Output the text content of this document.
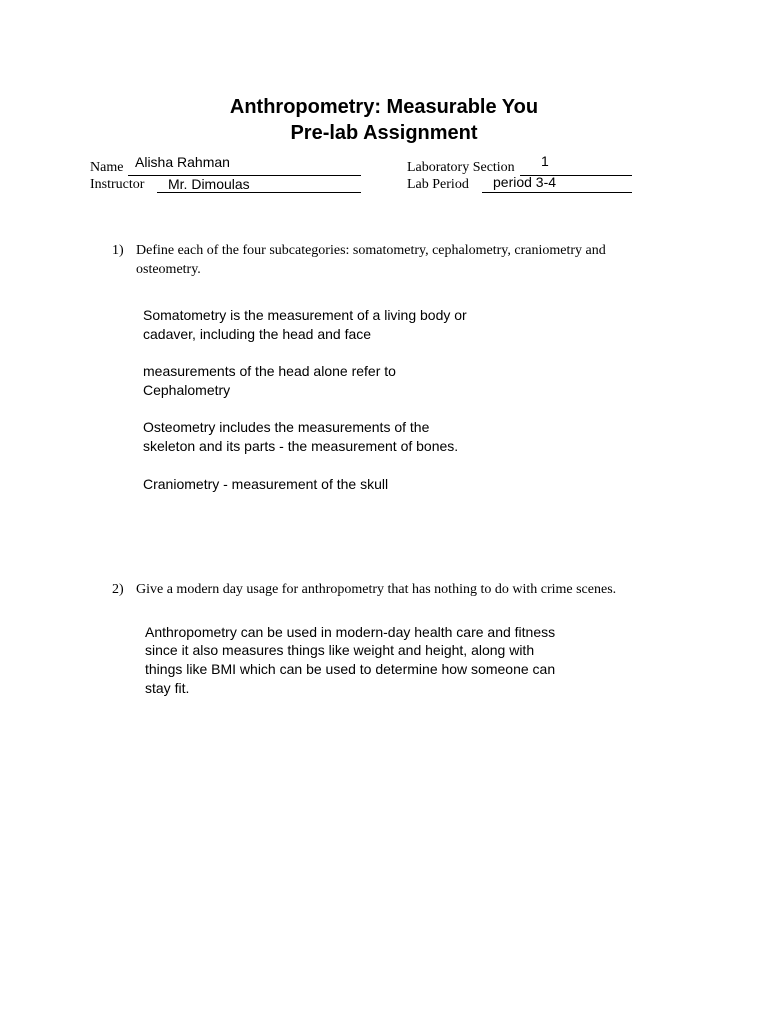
Anthropometry: Measurable You
Pre-lab Assignment
Name Alisha Rahman
Instructor Mr. Dimoulas
Laboratory Section 1
Lab Period period 3-4
1) Define each of the four subcategories: somatometry, cephalometry, craniometry and
osteometry.
Somatometry is the measurement of a living body or
cadaver, including the head and face
measurements of the head alone refer to
Cephalometry
Osteometry includes the measurements of the
skeleton and its parts - the measurement of bones.
Craniometry - measurement of the skull
2) Give a modern day usage for anthropometry that has nothing to do with crime scenes.
Anthropometry can be used in modern-day health care and fitness
since it also measures things like weight and height, along with
things like BMI which can be used to determine how someone can
stay fit.
